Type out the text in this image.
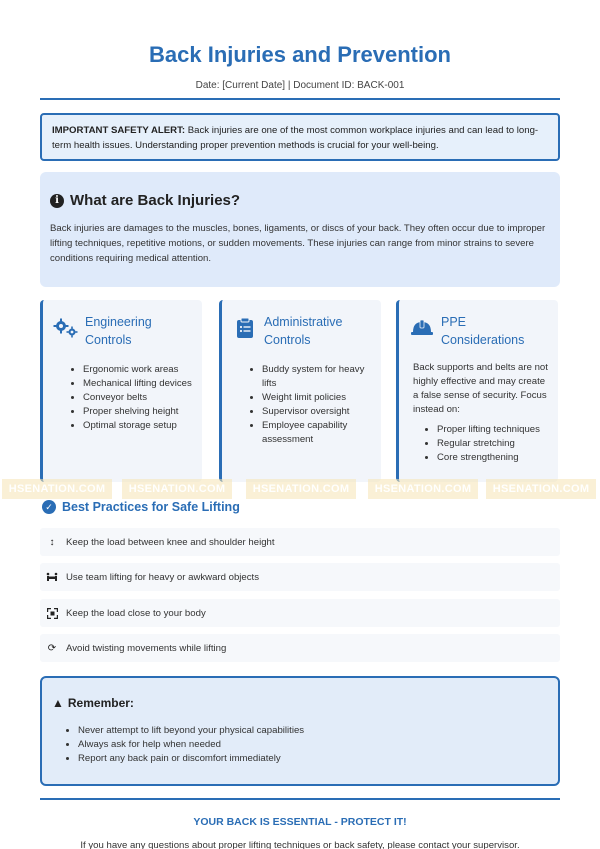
Back Injuries and Prevention
Date: [Current Date] | Document ID: BACK-001
IMPORTANT SAFETY ALERT: Back injuries are one of the most common workplace injuries and can lead to long-term health issues. Understanding proper prevention methods is crucial for your well-being.
i What are Back Injuries?

Back injuries are damages to the muscles, bones, ligaments, or discs of your back. They often occur due to improper lifting techniques, repetitive motions, or sudden movements. These injuries can range from minor strains to severe conditions requiring medical attention.

Engineering
Controls
• Ergonomic work areas
• Mechanical lifting devices
• Conveyor belts
• Proper shelving height
• Optimal storage setup
Administrative
Controls
• Buddy system for heavy lifts
• Weight limit policies
• Supervisor oversight
• Employee capability assessment
PPE
Considerations

Back supports and belts are not highly effective and may create a false sense of security. Focus instead on:

• Proper lifting techniques
• Regular stretching
• Core strengthening
HSENATION.COM	HSENATION.COM	HSENATION.COM	HSENATION.COM	HSENATION.COM
✓ Best Practices for Safe Lifting
↕	Keep the load between knee and shoulder height
Use team lifting for heavy or awkward objects
Keep the load close to your body
⟳ Avoid twisting movements while lifting
▲ Remember:
• Never attempt to lift beyond your physical capabilities
• Always ask for help when needed
• Report any back pain or discomfort immediately
YOUR BACK IS ESSENTIAL - PROTECT IT!
If you have any questions about proper lifting techniques or back safety, please contact your supervisor.
